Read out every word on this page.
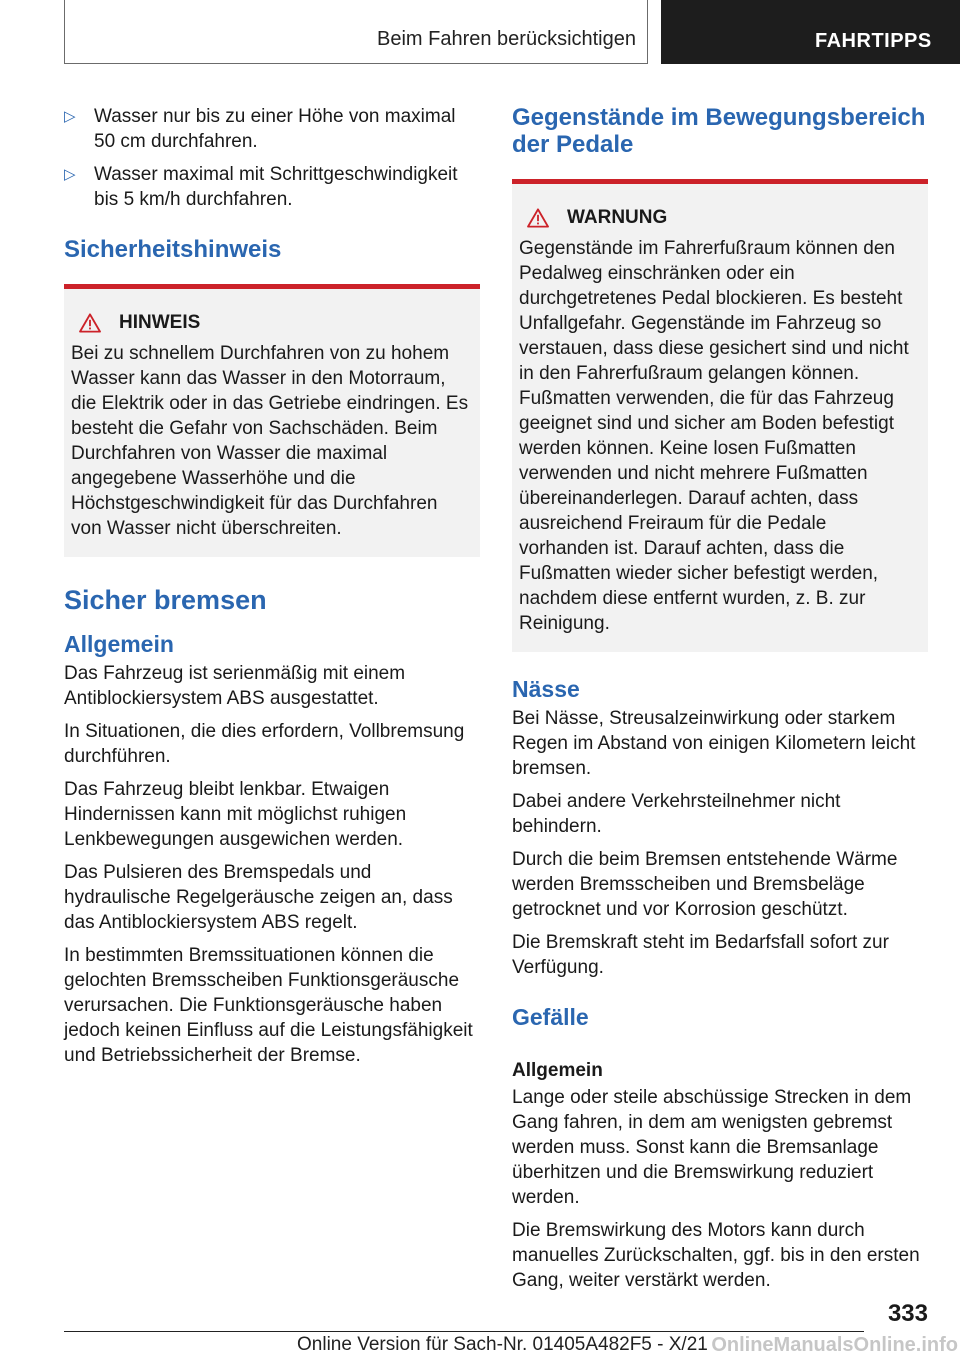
Beim Fahren berücksichtigen	FAHRTIPPS
▷ Wasser nur bis zu einer Höhe von maximal 50 cm durchfahren.
▷ Wasser maximal mit Schrittgeschwindigkeit bis 5 km/h durchfahren.
Sicherheitshinweis
HINWEIS

Bei zu schnellem Durchfahren von zu hohem Wasser kann das Wasser in den Motorraum, die Elektrik oder in das Getriebe eindringen. Es besteht die Gefahr von Sachschäden. Beim Durchfahren von Wasser die maximal angegebene Wasserhöhe und die Höchstgeschwindigkeit für das Durchfahren von Wasser nicht überschreiten.

Sicher bremsen
Allgemein

Das Fahrzeug ist serienmäßig mit einem Antiblockiersystem ABS ausgestattet.

In Situationen, die dies erfordern, Vollbremsung durchführen.

Das Fahrzeug bleibt lenkbar. Etwaigen Hindernissen kann mit möglichst ruhigen Lenkbewegungen ausgewichen werden.

Das Pulsieren des Bremspedals und hydraulische Regelgeräusche zeigen an, dass das Antiblockiersystem ABS regelt.

In bestimmten Bremssituationen können die gelochten Bremsscheiben Funktionsgeräusche verursachen. Die Funktionsgeräusche haben jedoch keinen Einfluss auf die Leistungsfähigkeit und Betriebssicherheit der Bremse.

Gegenstände im Bewegungsbereich der Pedale
WARNUNG

Gegenstände im Fahrerfußraum können den Pedalweg einschränken oder ein durchgetretenes Pedal blockieren. Es besteht Unfallgefahr. Gegenstände im Fahrzeug so verstauen, dass diese gesichert sind und nicht in den Fahrerfußraum gelangen können. Fußmatten verwenden, die für das Fahrzeug geeignet sind und sicher am Boden befestigt werden können. Keine losen Fußmatten verwenden und nicht mehrere Fußmatten übereinanderlegen. Darauf achten, dass ausreichend Freiraum für die Pedale vorhanden ist. Darauf achten, dass die Fußmatten wieder sicher befestigt werden, nachdem diese entfernt wurden, z. B. zur Reinigung.

Nässe

Bei Nässe, Streusalzeinwirkung oder starkem Regen im Abstand von einigen Kilometern leicht bremsen.

Dabei andere Verkehrsteilnehmer nicht behindern.

Durch die beim Bremsen entstehende Wärme werden Bremsscheiben und Bremsbeläge getrocknet und vor Korrosion geschützt.

Die Bremskraft steht im Bedarfsfall sofort zur Verfügung.

Gefälle
Allgemein

Lange oder steile abschüssige Strecken in dem Gang fahren, in dem am wenigsten gebremst werden muss. Sonst kann die Bremsanlage überhitzen und die Bremswirkung reduziert werden.

Die Bremswirkung des Motors kann durch manuelles Zurückschalten, ggf. bis in den ersten Gang, weiter verstärkt werden.

333
Online Version für Sach-Nr. 01405A482F5 - X/21 OnlineManualsOnline.info
